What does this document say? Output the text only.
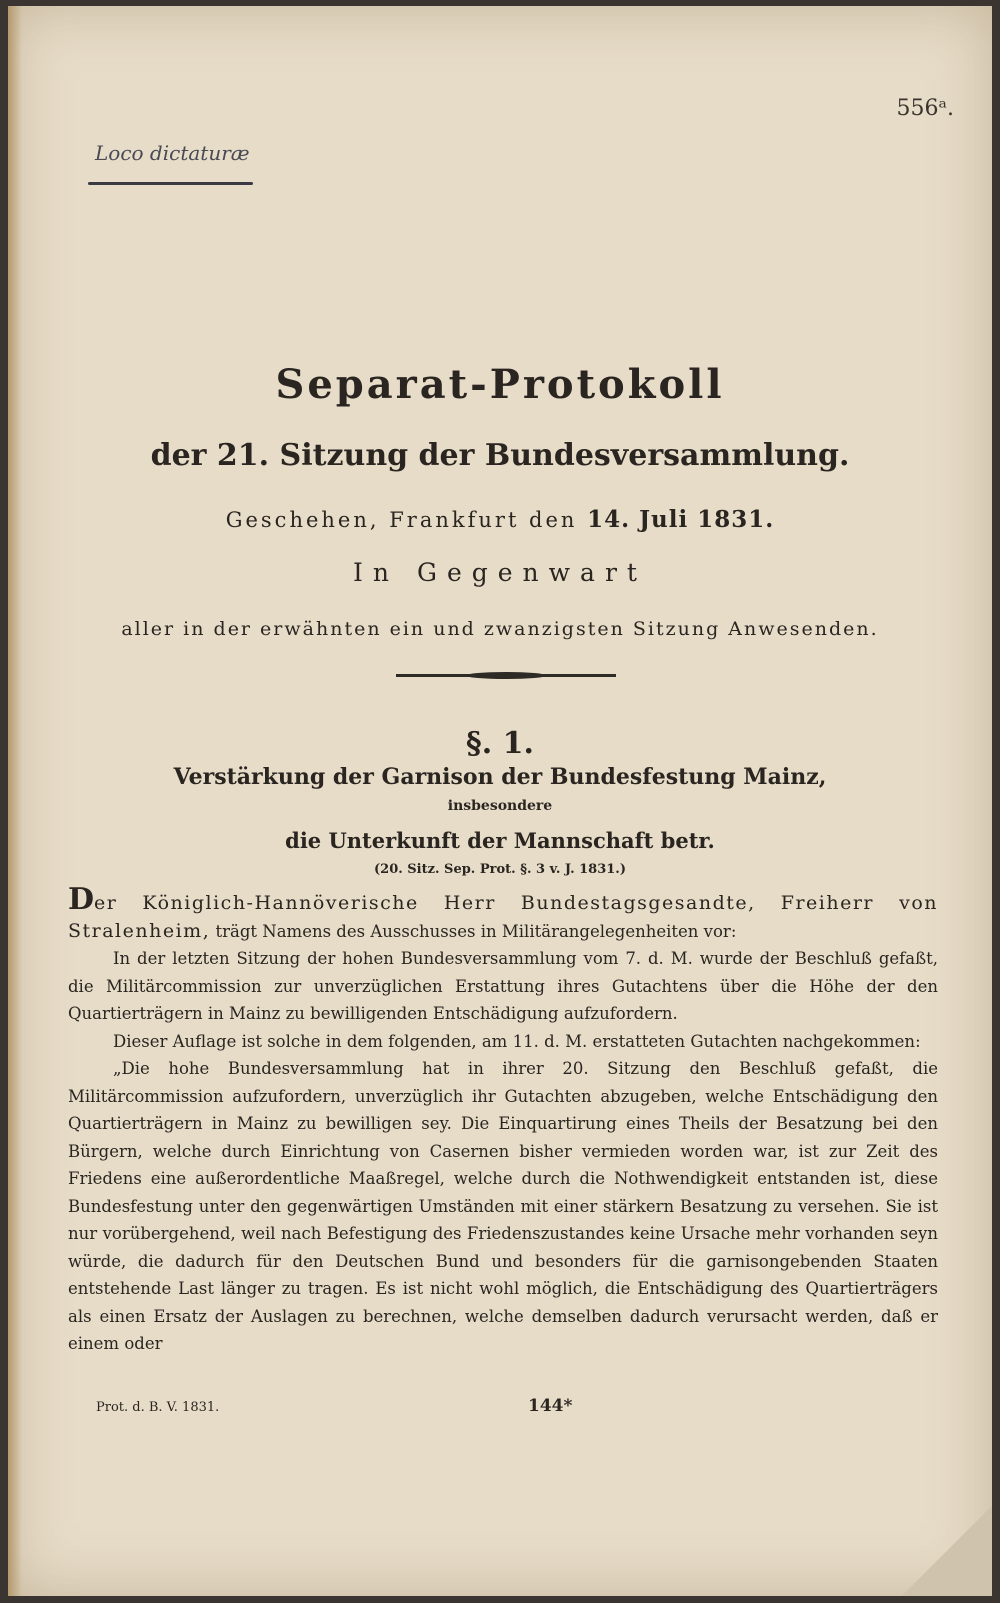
Loco dictaturæ
556ᵃ.
Separat-Protokoll
der 21. Sitzung der Bundesversammlung.
Geschehen, Frankfurt den 14. Juli 1831.
In Gegenwart
aller in der erwähnten ein und zwanzigsten Sitzung Anwesenden.
§. 1.
Verstärkung der Garnison der Bundesfestung Mainz,
insbesondere
die Unterkunft der Mannschaft betr.
(20. Sitz. Sep. Prot. §. 3 v. J. 1831.)

Der Königlich-Hannöverische Herr Bundestagsgesandte, Freiherr von Stralenheim, trägt Namens des Ausschusses in Militärangelegenheiten vor:

In der letzten Sitzung der hohen Bundesversammlung vom 7. d. M. wurde der Beschluß gefaßt, die Militärcommission zur unverzüglichen Erstattung ihres Gutachtens über die Höhe der den Quartierträgern in Mainz zu bewilligenden Entschädigung aufzufordern.

Dieser Auflage ist solche in dem folgenden, am 11. d. M. erstatteten Gutachten nachgekommen:

„Die hohe Bundesversammlung hat in ihrer 20. Sitzung den Beschluß gefaßt, die Militärcommission aufzufordern, unverzüglich ihr Gutachten abzugeben, welche Entschädigung den Quartierträgern in Mainz zu bewilligen sey. Die Einquartirung eines Theils der Besatzung bei den Bürgern, welche durch Einrichtung von Casernen bisher vermieden worden war, ist zur Zeit des Friedens eine außerordentliche Maaßregel, welche durch die Nothwendigkeit entstanden ist, diese Bundesfestung unter den gegenwärtigen Umständen mit einer stärkern Besatzung zu versehen. Sie ist nur vorübergehend, weil nach Befestigung des Friedenszustandes keine Ursache mehr vorhanden seyn würde, die dadurch für den Deutschen Bund und besonders für die garnisongebenden Staaten entstehende Last länger zu tragen. Es ist nicht wohl möglich, die Entschädigung des Quartierträgers als einen Ersatz der Auslagen zu berechnen, welche demselben dadurch verursacht werden, daß er einem oder

Prot. d. B. V. 1831.	144*
